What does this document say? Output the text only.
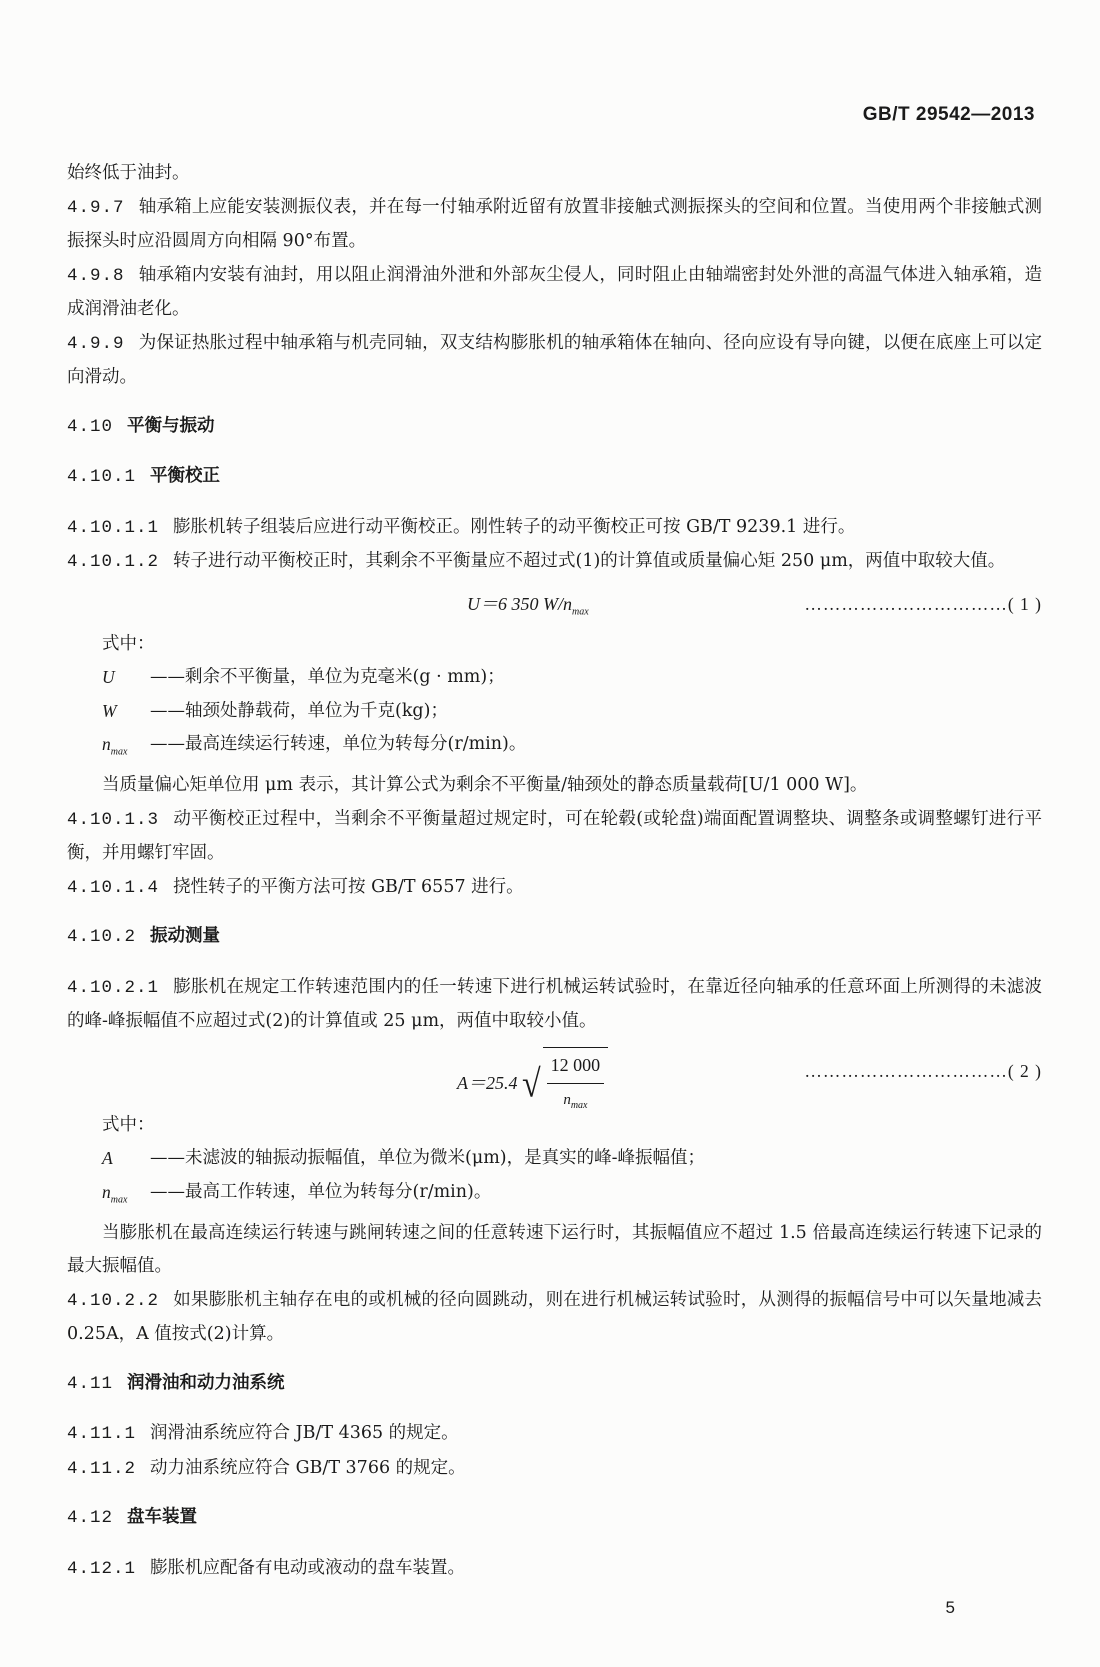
GB/T 29542—2013

始终低于油封。

4.9.7 轴承箱上应能安装测振仪表，并在每一付轴承附近留有放置非接触式测振探头的空间和位置。当使用两个非接触式测振探头时应沿圆周方向相隔 90°布置。

4.9.8 轴承箱内安装有油封，用以阻止润滑油外泄和外部灰尘侵人，同时阻止由轴端密封处外泄的高温气体进入轴承箱，造成润滑油老化。

4.9.9 为保证热胀过程中轴承箱与机壳同轴，双支结构膨胀机的轴承箱体在轴向、径向应设有导向键，以便在底座上可以定向滑动。

4.10 平衡与振动

4.10.1 平衡校正

4.10.1.1 膨胀机转子组装后应进行动平衡校正。刚性转子的动平衡校正可按 GB/T 9239.1 进行。

4.10.1.2 转子进行动平衡校正时，其剩余不平衡量应不超过式(1)的计算值或质量偏心矩 250 μm，两值中取较大值。

U＝6 350 $W/n_{max}$	……………………………( 1 )

式中：

U	——剩余不平衡量，单位为克毫米(g · mm)；
W	——轴颈处静载荷，单位为千克(kg)；
$n_{max}$	——最高连续运行转速，单位为转每分(r/min)。

当质量偏心矩单位用 μm 表示，其计算公式为剩余不平衡量/轴颈处的静态质量载荷[U/1 000 W]。

4.10.1.3 动平衡校正过程中，当剩余不平衡量超过规定时，可在轮毂(或轮盘)端面配置调整块、调整条或调整螺钉进行平衡，并用螺钉牢固。

4.10.1.4 挠性转子的平衡方法可按 GB/T 6557 进行。

4.10.2 振动测量

4.10.2.1 膨胀机在规定工作转速范围内的任一转速下进行机械运转试验时，在靠近径向轴承的任意环面上所测得的未滤波的峰-峰振幅值不应超过式(2)的计算值或 25 μm，两值中取较小值。

A＝25.4 √ $\frac{12 000}{n_{max}}$	……………………………( 2 )

式中：

A	——未滤波的轴振动振幅值，单位为微米(μm)，是真实的峰-峰振幅值；
$n_{max}$	——最高工作转速，单位为转每分(r/min)。

当膨胀机在最高连续运行转速与跳闸转速之间的任意转速下运行时，其振幅值应不超过 1.5 倍最高连续运行转速下记录的最大振幅值。

4.10.2.2 如果膨胀机主轴存在电的或机械的径向圆跳动，则在进行机械运转试验时，从测得的振幅信号中可以矢量地减去 0.25A，A 值按式(2)计算。

4.11 润滑油和动力油系统

4.11.1 润滑油系统应符合 JB/T 4365 的规定。

4.11.2 动力油系统应符合 GB/T 3766 的规定。

4.12 盘车装置

4.12.1 膨胀机应配备有电动或液动的盘车装置。

5
